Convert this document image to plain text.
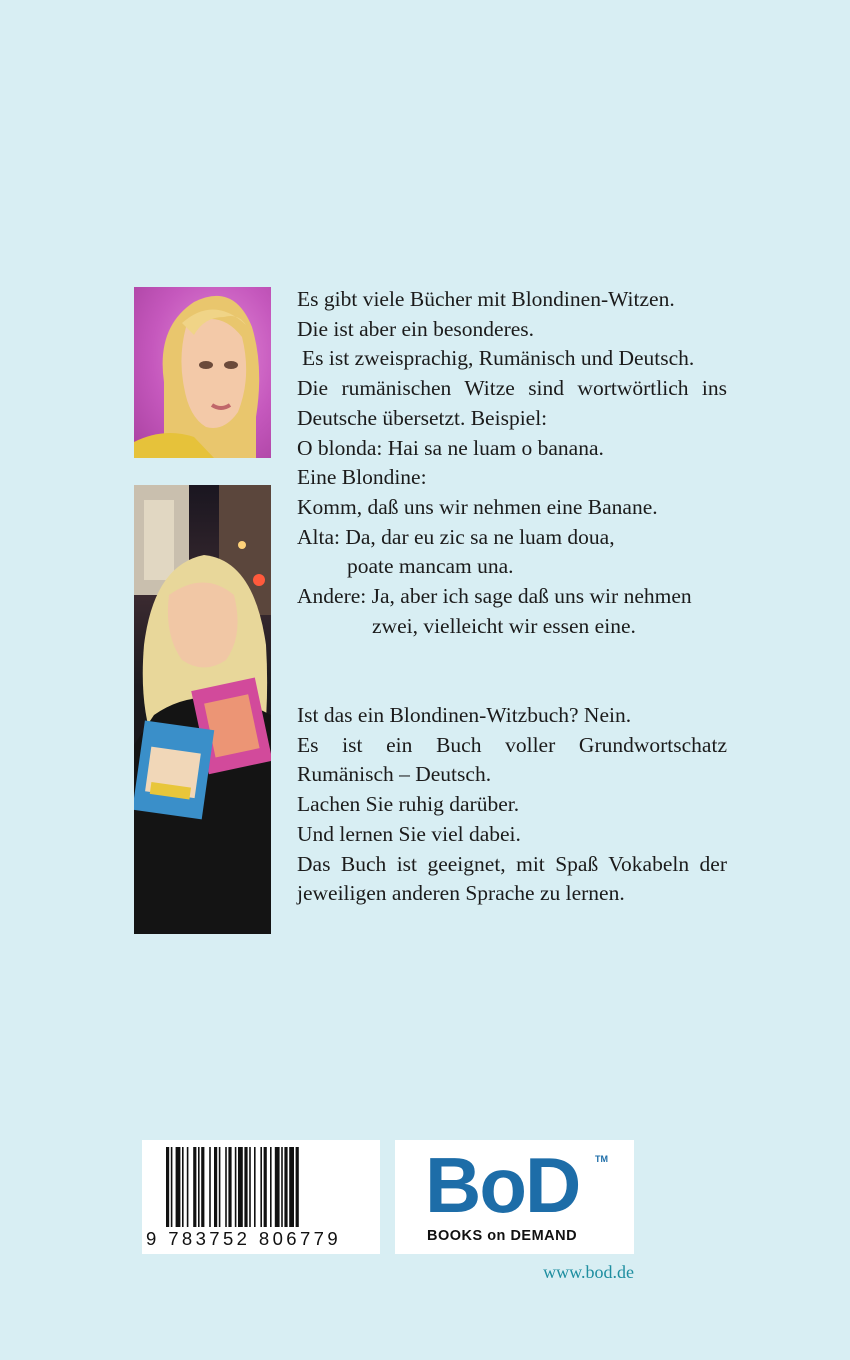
Es gibt viele Bücher mit Blondinen-Witzen.

Die ist aber ein besonderes.

Es ist zweisprachig, Rumänisch und Deutsch.

Die rumänischen Witze sind wortwörtlich ins

Deutsche übersetzt. Beispiel:

O blonda: Hai sa ne luam o banana.

Eine Blondine:

Komm, daß uns wir nehmen eine Banane.

Alta: Da, dar eu zic sa ne luam doua,

poate mancam una.

Andere: Ja, aber ich sage daß uns wir nehmen

zwei, vielleicht wir essen eine.

Ist das ein Blondinen-Witzbuch? Nein.

Es ist ein Buch voller Grundwortschatz

Rumänisch – Deutsch.

Lachen Sie ruhig darüber.

Und lernen Sie viel dabei.

Das Buch ist geeignet, mit Spaß Vokabeln der

jeweiligen anderen Sprache zu lernen.

9 783752 806779
BoD TM
BOOKS on DEMAND
www.bod.de
